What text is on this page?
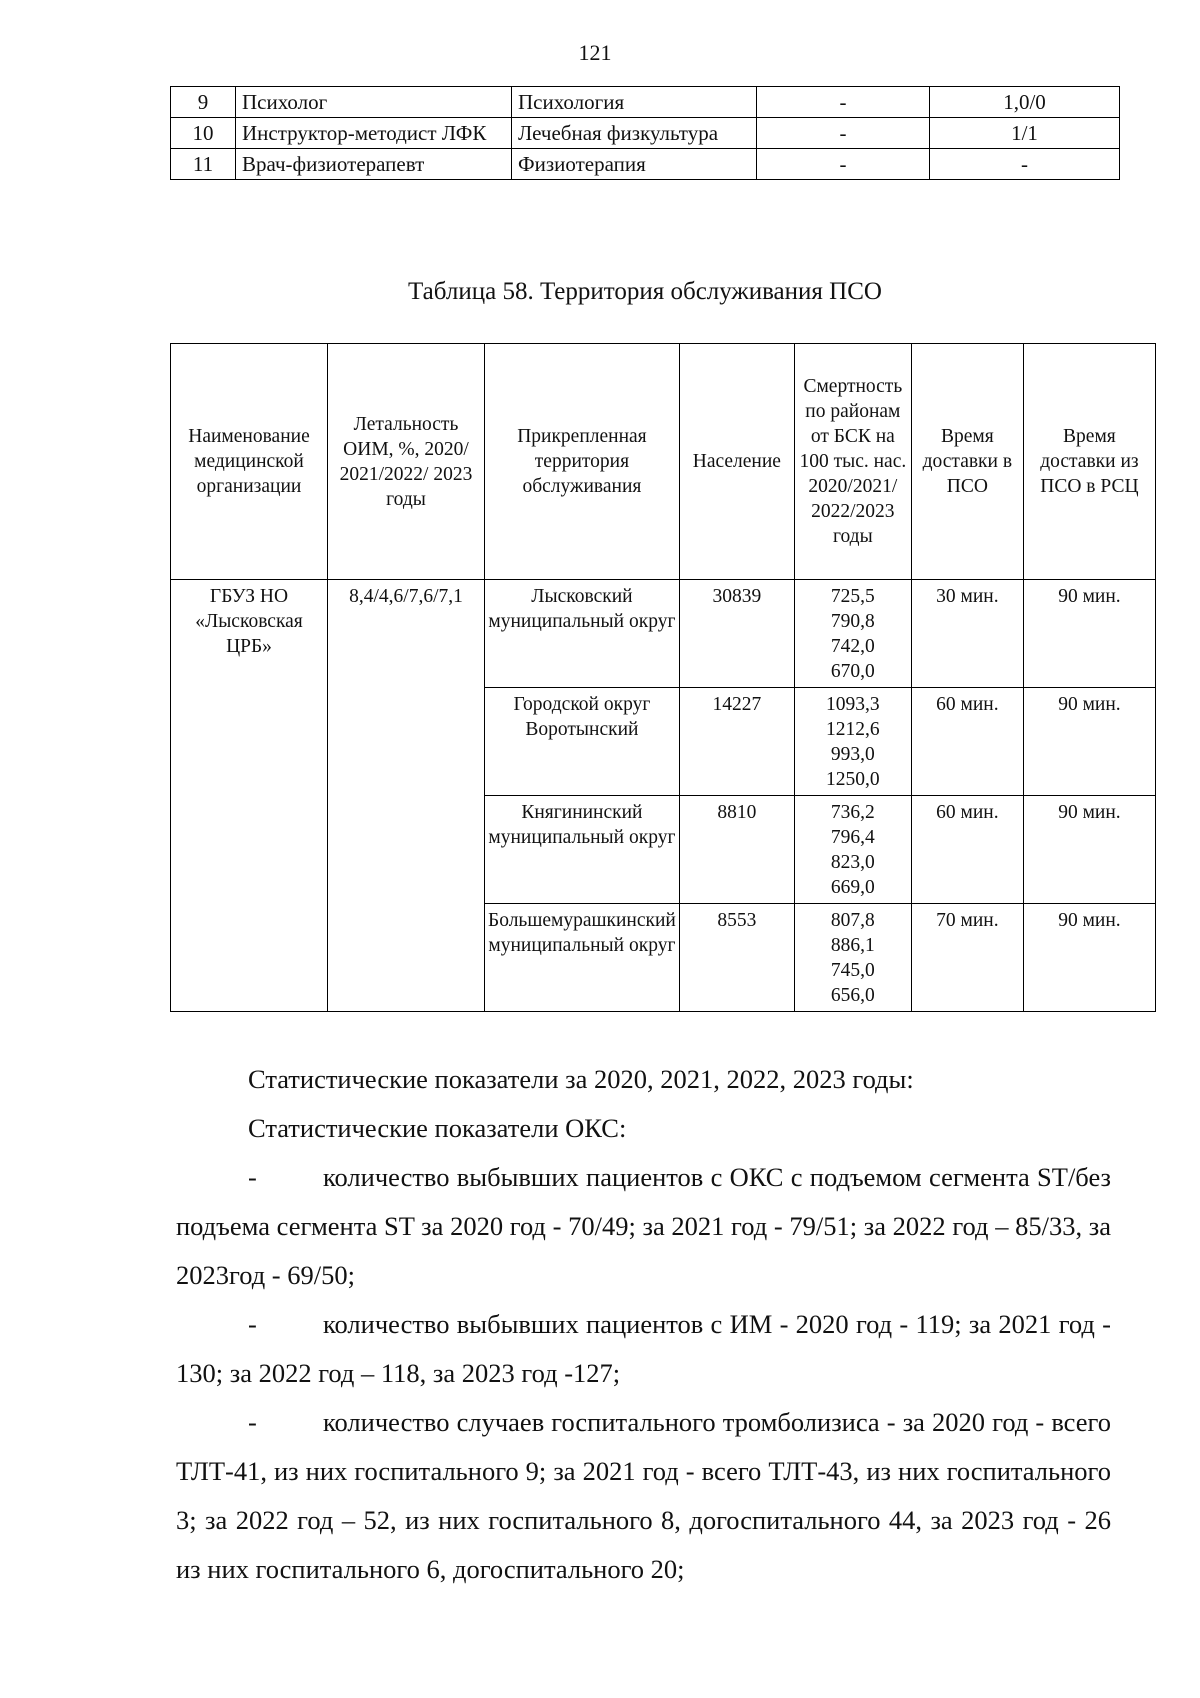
121
9	Психолог	Психология	-	1,0/0
10	Инструктор-методист ЛФК	Лечебная физкультура	-	1/1
11	Врач-физиотерапевт	Физиотерапия	-	-
Таблица 58. Территория обслуживания ПСО
Наименование медицинской организации	Летальность ОИМ, %, 2020/ 2021/2022/ 2023 годы	Прикрепленная территория обслуживания	Население	Смертность по районам от БСК на 100 тыс. нас. 2020/2021/ 2022/2023 годы	Время доставки в ПСО	Время доставки из ПСО в РСЦ
ГБУЗ НО «Лысковская ЦРБ»	8,4/4,6/7,6/7,1	Лысковский муниципальный округ	30839	725,5
790,8
742,0
670,0	30 мин.	90 мин.
		Городской округ Воротынский	14227	1093,3
1212,6
993,0
1250,0	60 мин.	90 мин.
		Княгининский муниципальный округ	8810	736,2
796,4
823,0
669,0	60 мин.	90 мин.
		Большемурашкинский муниципальный округ	8553	807,8
886,1
745,0
656,0	70 мин.	90 мин.
Статистические показатели за 2020, 2021, 2022, 2023 годы:
Статистические показатели ОКС:
- количество выбывших пациентов с ОКС с подъемом сегмента ST/без подъема сегмента ST за 2020 год - 70/49; за 2021 год - 79/51; за 2022 год – 85/33, за 2023год - 69/50;
- количество выбывших пациентов с ИМ - 2020 год - 119; за 2021 год - 130; за 2022 год – 118, за 2023 год -127;
- количество случаев госпитального тромболизиса - за 2020 год - всего ТЛТ-41, из них госпитального 9; за 2021 год - всего ТЛТ-43, из них госпитального 3; за 2022 год – 52, из них госпитального 8, догоспитального 44, за 2023 год - 26 из них госпитального 6, догоспитального 20;
